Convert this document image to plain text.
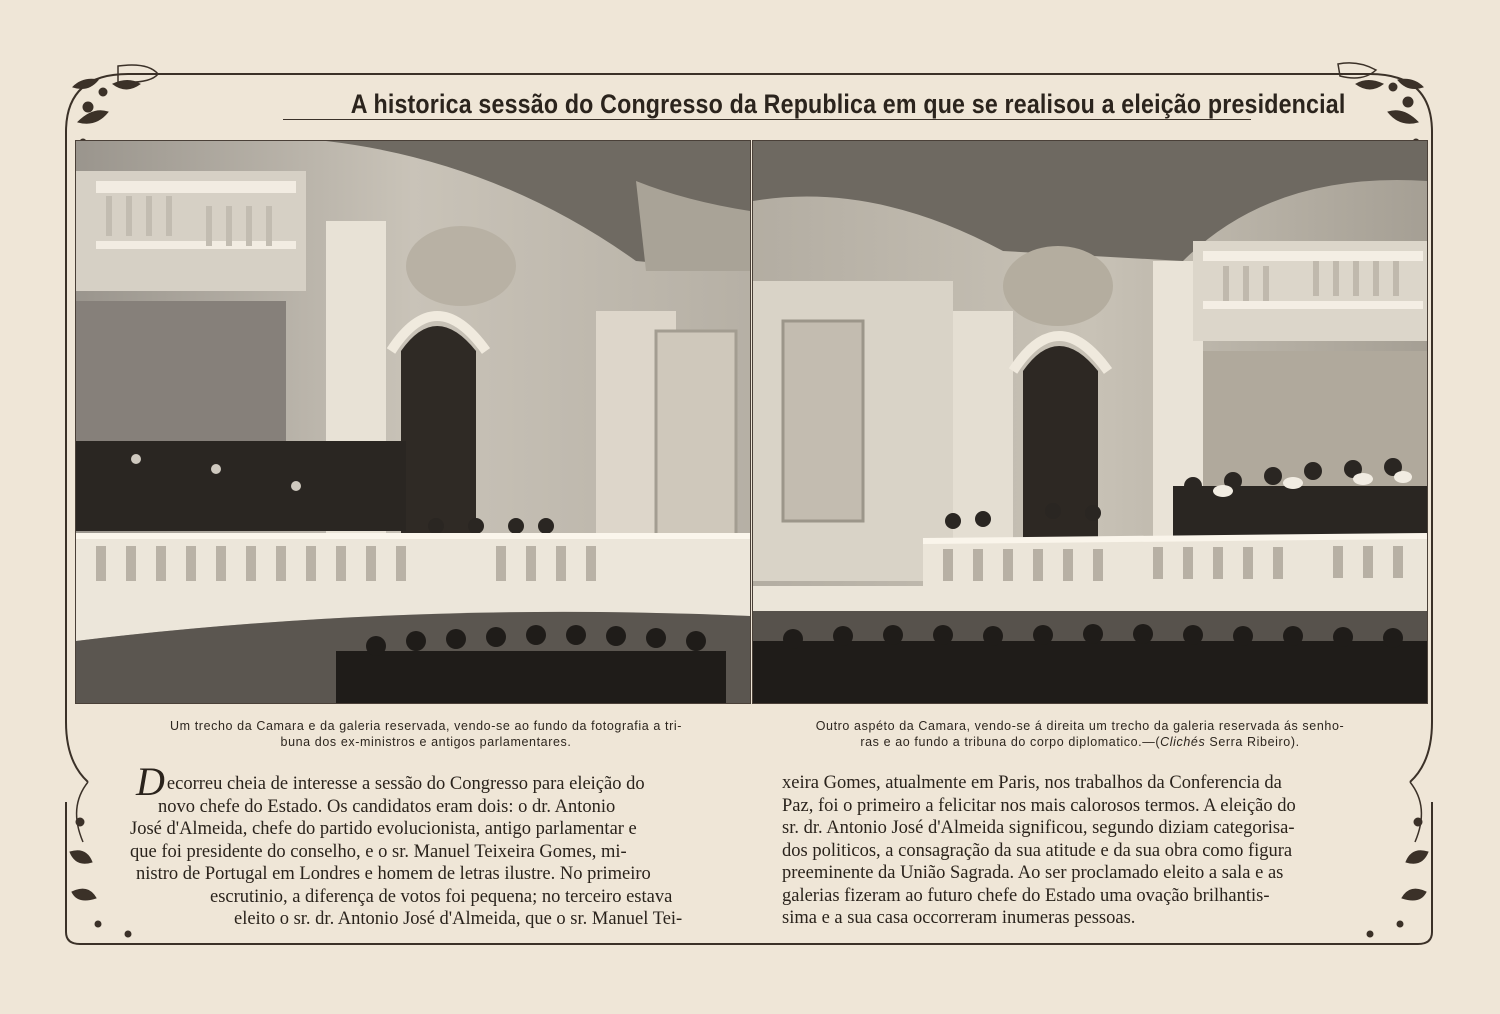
A historica sessão do Congresso da Republica em que se realisou a eleição presidencial
Um trecho da Camara e da galeria reservada, vendo-se ao fundo da fotografia a tri-
buna dos ex-ministros e antigos parlamentares.
Outro aspéto da Camara, vendo-se á direita um trecho da galeria reservada ás senho-
ras e ao fundo a tribuna do corpo diplomatico.—(Clichés Serra Ribeiro).
Decorreu cheia de interesse a sessão do Congresso para eleição do
novo chefe do Estado. Os candidatos eram dois: o dr. Antonio
José d'Almeida, chefe do partido evolucionista, antigo parlamentar e
que foi presidente do conselho, e o sr. Manuel Teixeira Gomes, mi-
nistro de Portugal em Londres e homem de letras ilustre. No primeiro
escrutinio, a diferença de votos foi pequena; no terceiro estava
eleito o sr. dr. Antonio José d'Almeida, que o sr. Manuel Tei-
xeira Gomes, atualmente em Paris, nos trabalhos da Conferencia da
Paz, foi o primeiro a felicitar nos mais calorosos termos. A eleição do
sr. dr. Antonio José d'Almeida significou, segundo diziam categorisa-
dos politicos, a consagração da sua atitude e da sua obra como figura
preeminente da União Sagrada. Ao ser proclamado eleito a sala e as
galerias fizeram ao futuro chefe do Estado uma ovação brilhantis-
sima e a sua casa occorreram inumeras pessoas.
